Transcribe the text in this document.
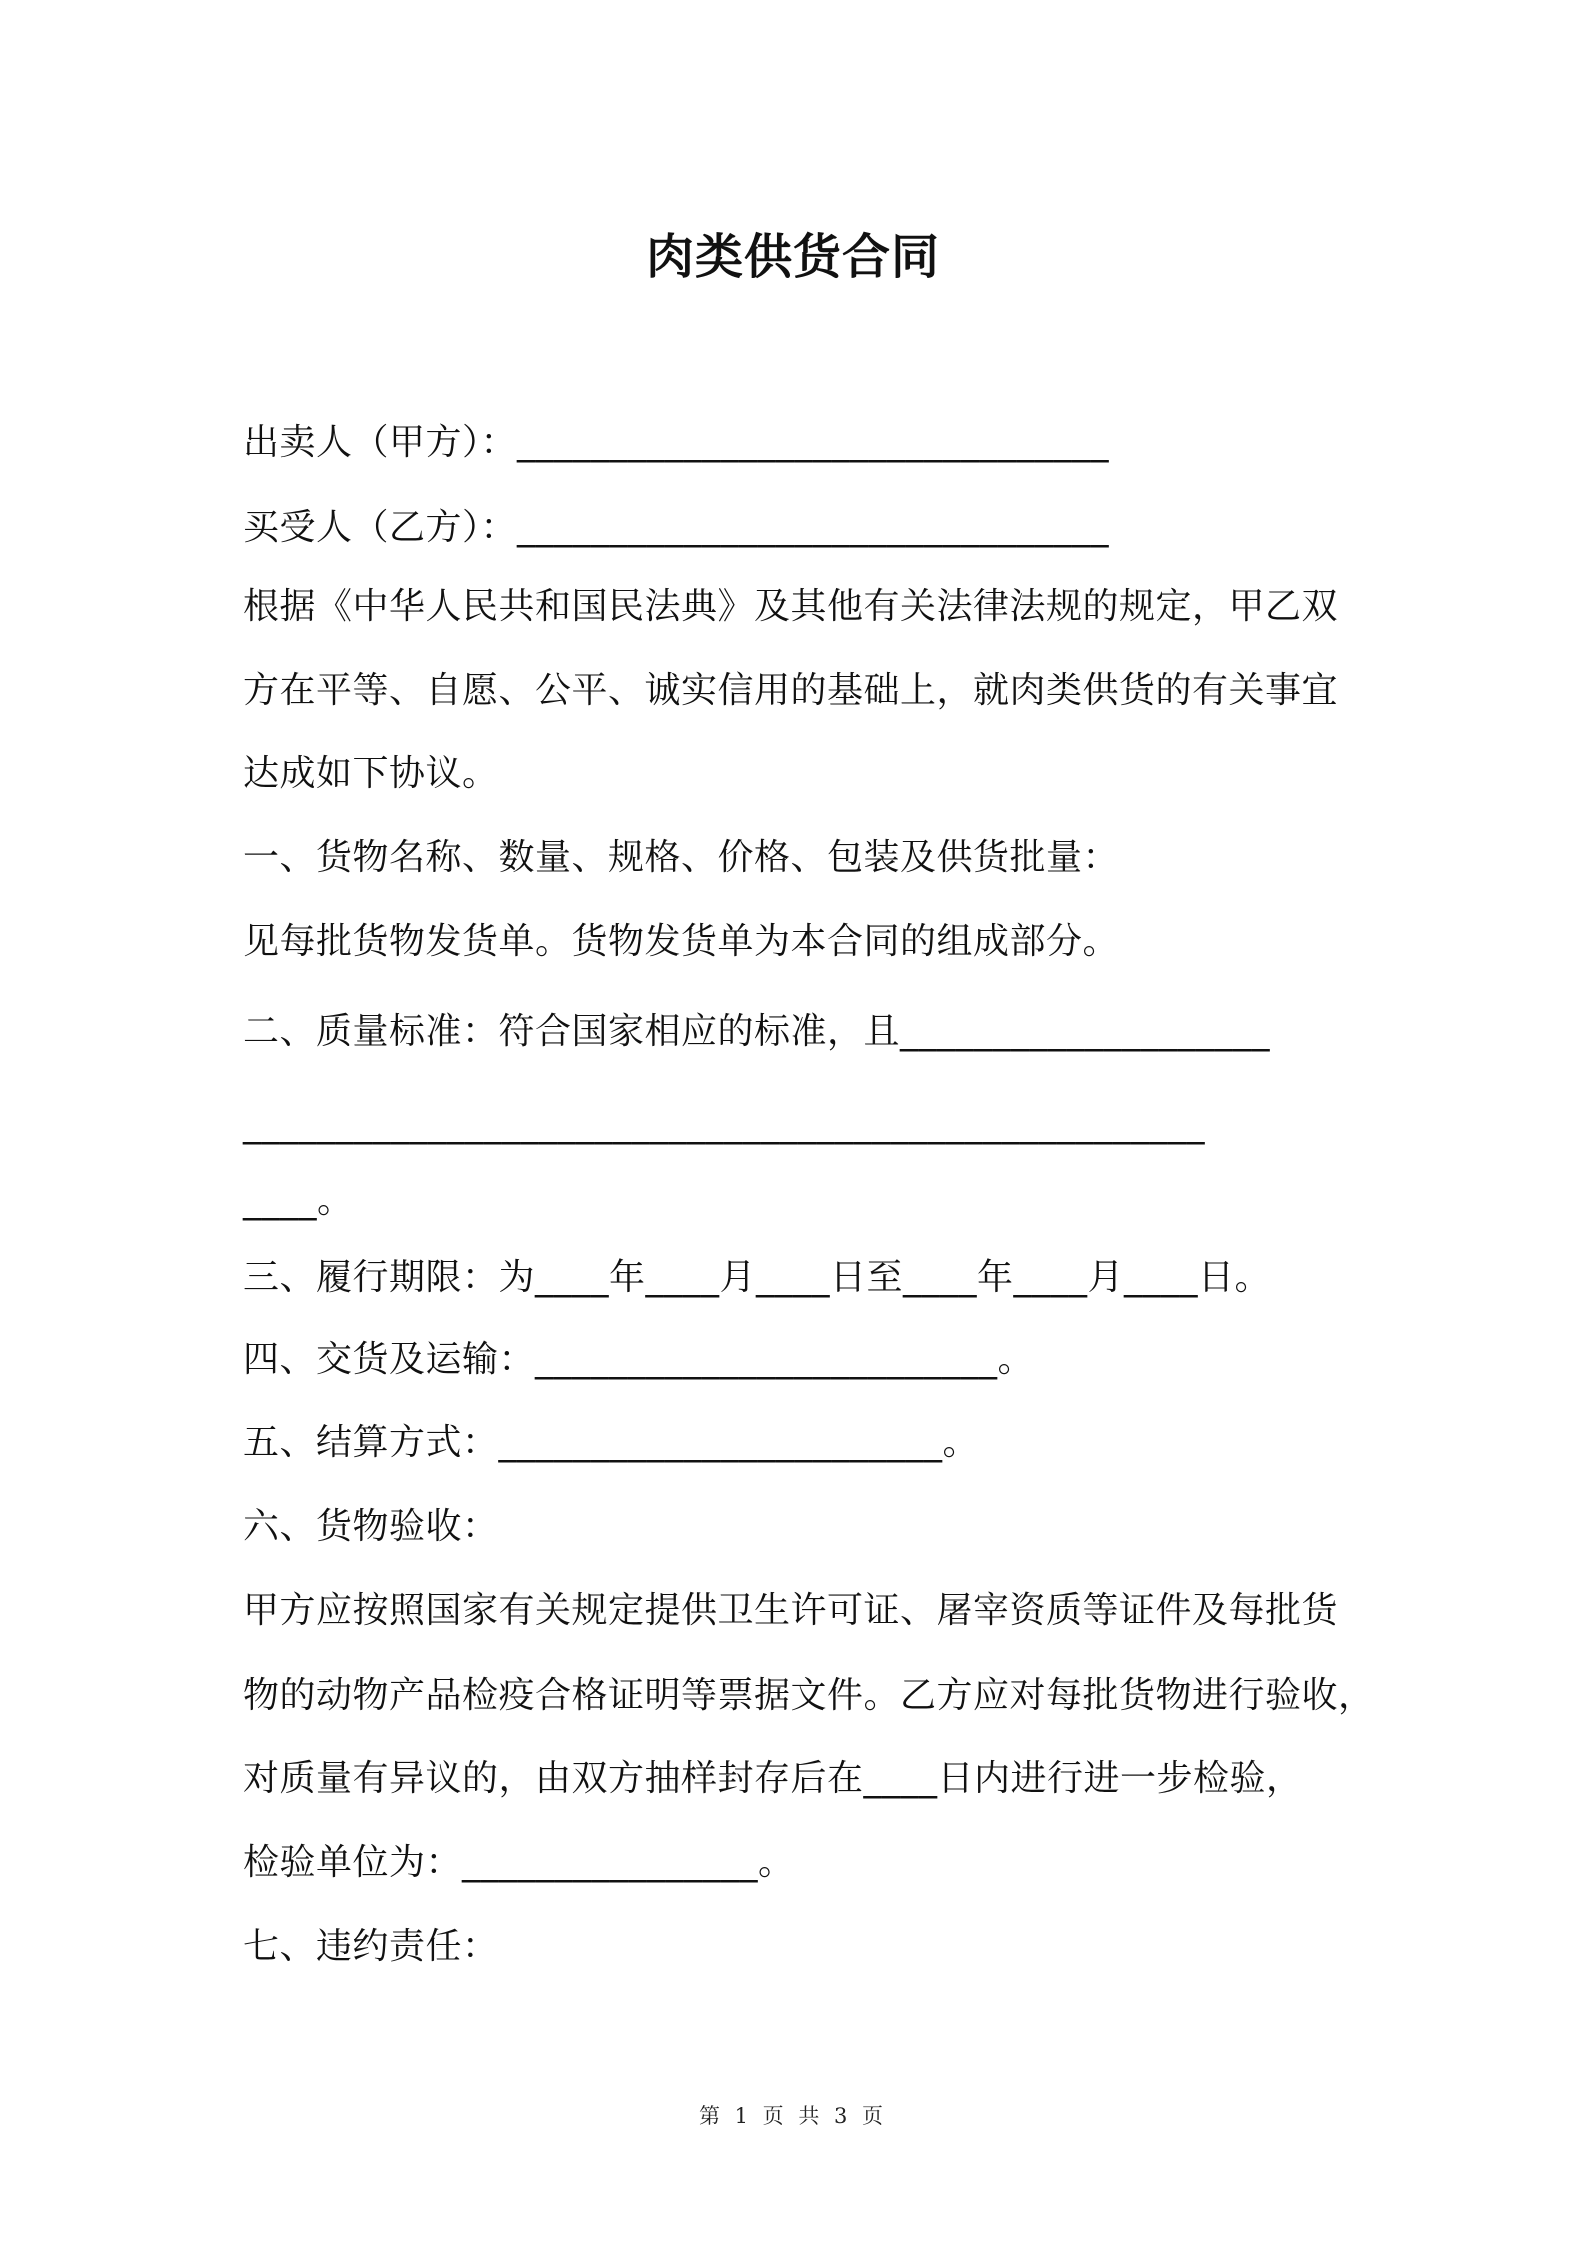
肉类供货合同
出卖人（甲方）：________________________________
买受人（乙方）：________________________________
根据《中华人民共和国民法典》及其他有关法律法规的规定，甲乙双
方在平等、自愿、公平、诚实信用的基础上，就肉类供货的有关事宜
达成如下协议。
一、货物名称、数量、规格、价格、包装及供货批量：
见每批货物发货单。货物发货单为本合同的组成部分。
二、质量标准：符合国家相应的标准，且____________________
____________________________________________________
____。
三、履行期限：为____年____月____日至____年____月____日。
四、交货及运输：_________________________。
五、结算方式：________________________。
六、货物验收：
甲方应按照国家有关规定提供卫生许可证、屠宰资质等证件及每批货
物的动物产品检疫合格证明等票据文件。乙方应对每批货物进行验收，
对质量有异议的，由双方抽样封存后在____日内进行进一步检验，
检验单位为：________________。
七、违约责任：
第 1 页 共 3 页
